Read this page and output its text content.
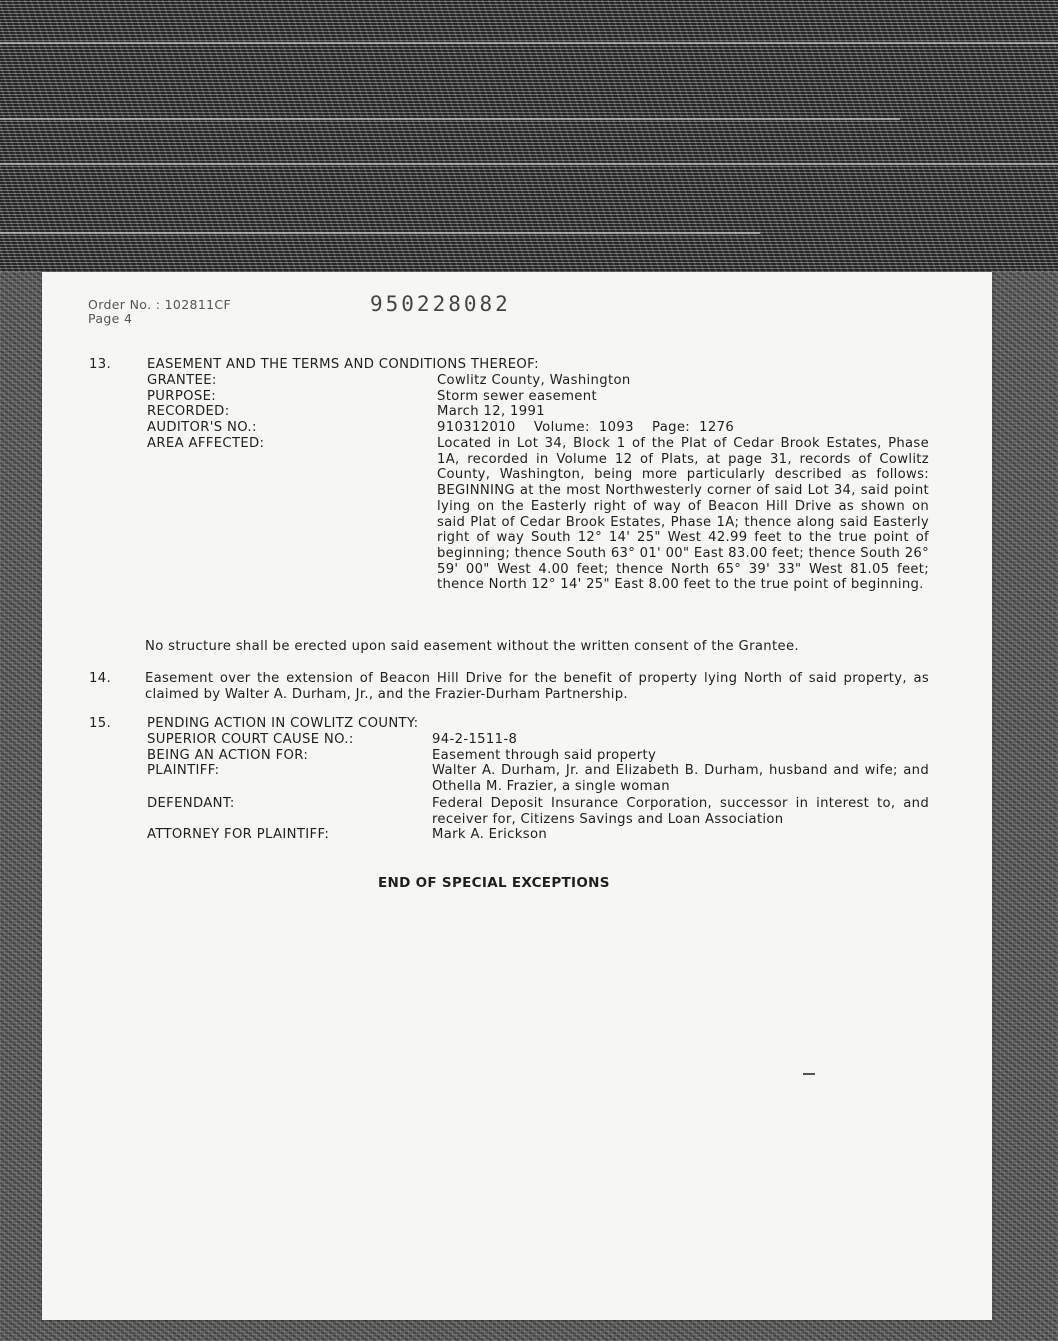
Order No. : 102811CF
Page 4
950228082
13.	EASEMENT AND THE TERMS AND CONDITIONS THEREOF:
GRANTEE:	Cowlitz County, Washington
PURPOSE:	Storm sewer easement
RECORDED:	March 12, 1991
AUDITOR'S NO.:	910312010    Volume:  1093    Page:  1276
AREA AFFECTED:	Located in Lot 34, Block 1 of the Plat of Cedar Brook Estates, Phase 1A, recorded in Volume 12 of Plats, at page 31, records of Cowlitz County, Washington, being more particularly described as follows: BEGINNING at the most Northwesterly corner of said Lot 34, said point lying on the Easterly right of way of Beacon Hill Drive as shown on said Plat of Cedar Brook Estates, Phase 1A; thence along said Easterly right of way South 12° 14' 25" West 42.99 feet to the true point of beginning; thence South 63° 01' 00" East 83.00 feet; thence South 26° 59' 00" West 4.00 feet; thence North 65° 39' 33" West 81.05 feet; thence North 12° 14' 25" East 8.00 feet to the true point of beginning.
No structure shall be erected upon said easement without the written consent of the Grantee.
14.	Easement over the extension of Beacon Hill Drive for the benefit of property lying North of said property, as claimed by Walter A. Durham, Jr., and the Frazier-Durham Partnership.
15.	PENDING ACTION IN COWLITZ COUNTY:
SUPERIOR COURT CAUSE NO.:	94-2-1511-8
BEING AN ACTION FOR:	Easement through said property
PLAINTIFF:	Walter A. Durham, Jr. and Elizabeth B. Durham, husband and wife; and Othella M. Frazier, a single woman
DEFENDANT:	Federal Deposit Insurance Corporation, successor in interest to, and receiver for, Citizens Savings and Loan Association
ATTORNEY FOR PLAINTIFF:	Mark A. Erickson
END OF SPECIAL EXCEPTIONS
